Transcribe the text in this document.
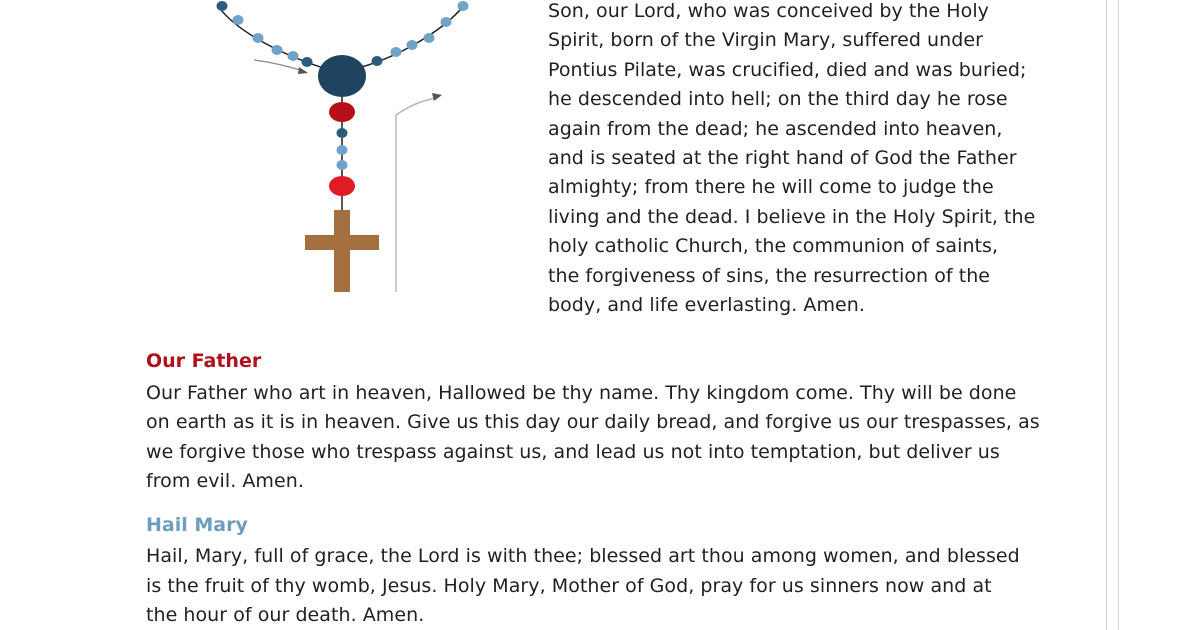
Son, our Lord, who was conceived by the Holy
Spirit, born of the Virgin Mary, suffered under
Pontius Pilate, was crucified, died and was buried;
he descended into hell; on the third day he rose
again from the dead; he ascended into heaven,
and is seated at the right hand of God the Father
almighty; from there he will come to judge the
living and the dead. I believe in the Holy Spirit, the
holy catholic Church, the communion of saints,
the forgiveness of sins, the resurrection of the
body, and life everlasting. Amen.
Our Father
Our Father who art in heaven, Hallowed be thy name. Thy kingdom come. Thy will be done
on earth as it is in heaven. Give us this day our daily bread, and forgive us our trespasses, as
we forgive those who trespass against us, and lead us not into temptation, but deliver us
from evil. Amen.
Hail Mary
Hail, Mary, full of grace, the Lord is with thee; blessed art thou among women, and blessed
is the fruit of thy womb, Jesus. Holy Mary, Mother of God, pray for us sinners now and at
the hour of our death. Amen.
